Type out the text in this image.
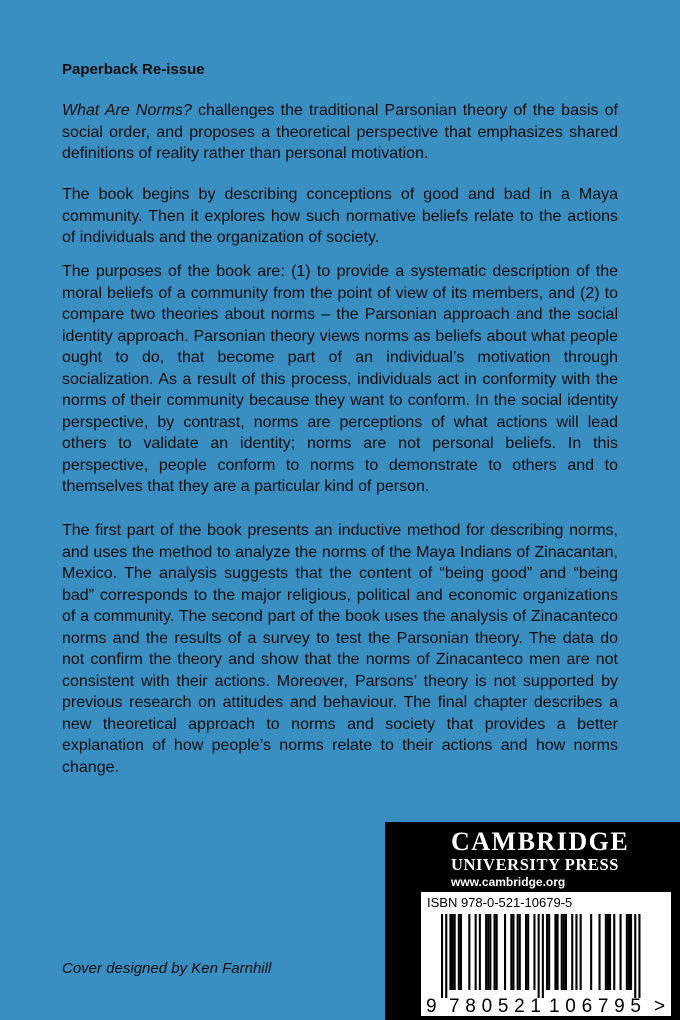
Paperback Re-issue

What Are Norms? challenges the traditional Parsonian theory of the basis of social order, and proposes a theoretical perspective that emphasizes shared definitions of reality rather than personal motivation.

The book begins by describing conceptions of good and bad in a Maya community. Then it explores how such normative beliefs relate to the actions of individuals and the organization of society.

The purposes of the book are: (1) to provide a systematic description of the moral beliefs of a community from the point of view of its members, and (2) to compare two theories about norms – the Parsonian approach and the social identity approach. Parsonian theory views norms as beliefs about what people ought to do, that become part of an individual’s motivation through socialization. As a result of this process, individuals act in conformity with the norms of their community because they want to conform. In the social identity perspective, by contrast, norms are perceptions of what actions will lead others to validate an identity; norms are not personal beliefs. In this perspective, people conform to norms to demonstrate to others and to themselves that they are a particular kind of person.

The first part of the book presents an inductive method for describing norms, and uses the method to analyze the norms of the Maya Indians of Zinacantan, Mexico. The analysis suggests that the content of “being good” and “being bad” corresponds to the major religious, political and economic organizations of a community. The second part of the book uses the analysis of Zinacanteco norms and the results of a survey to test the Parsonian theory. The data do not confirm the theory and show that the norms of Zinacanteco men are not consistent with their actions. Moreover, Parsons’ theory is not supported by previous research on attitudes and behaviour. The final chapter describes a new theoretical approach to norms and society that provides a better explanation of how people’s norms relate to their actions and how norms change.

Cover designed by Ken Farnhill

CAMBRIDGE

UNIVERSITY PRESS

www.cambridge.org

ISBN 978-0-521-10679-5

9 780521 106795 >
